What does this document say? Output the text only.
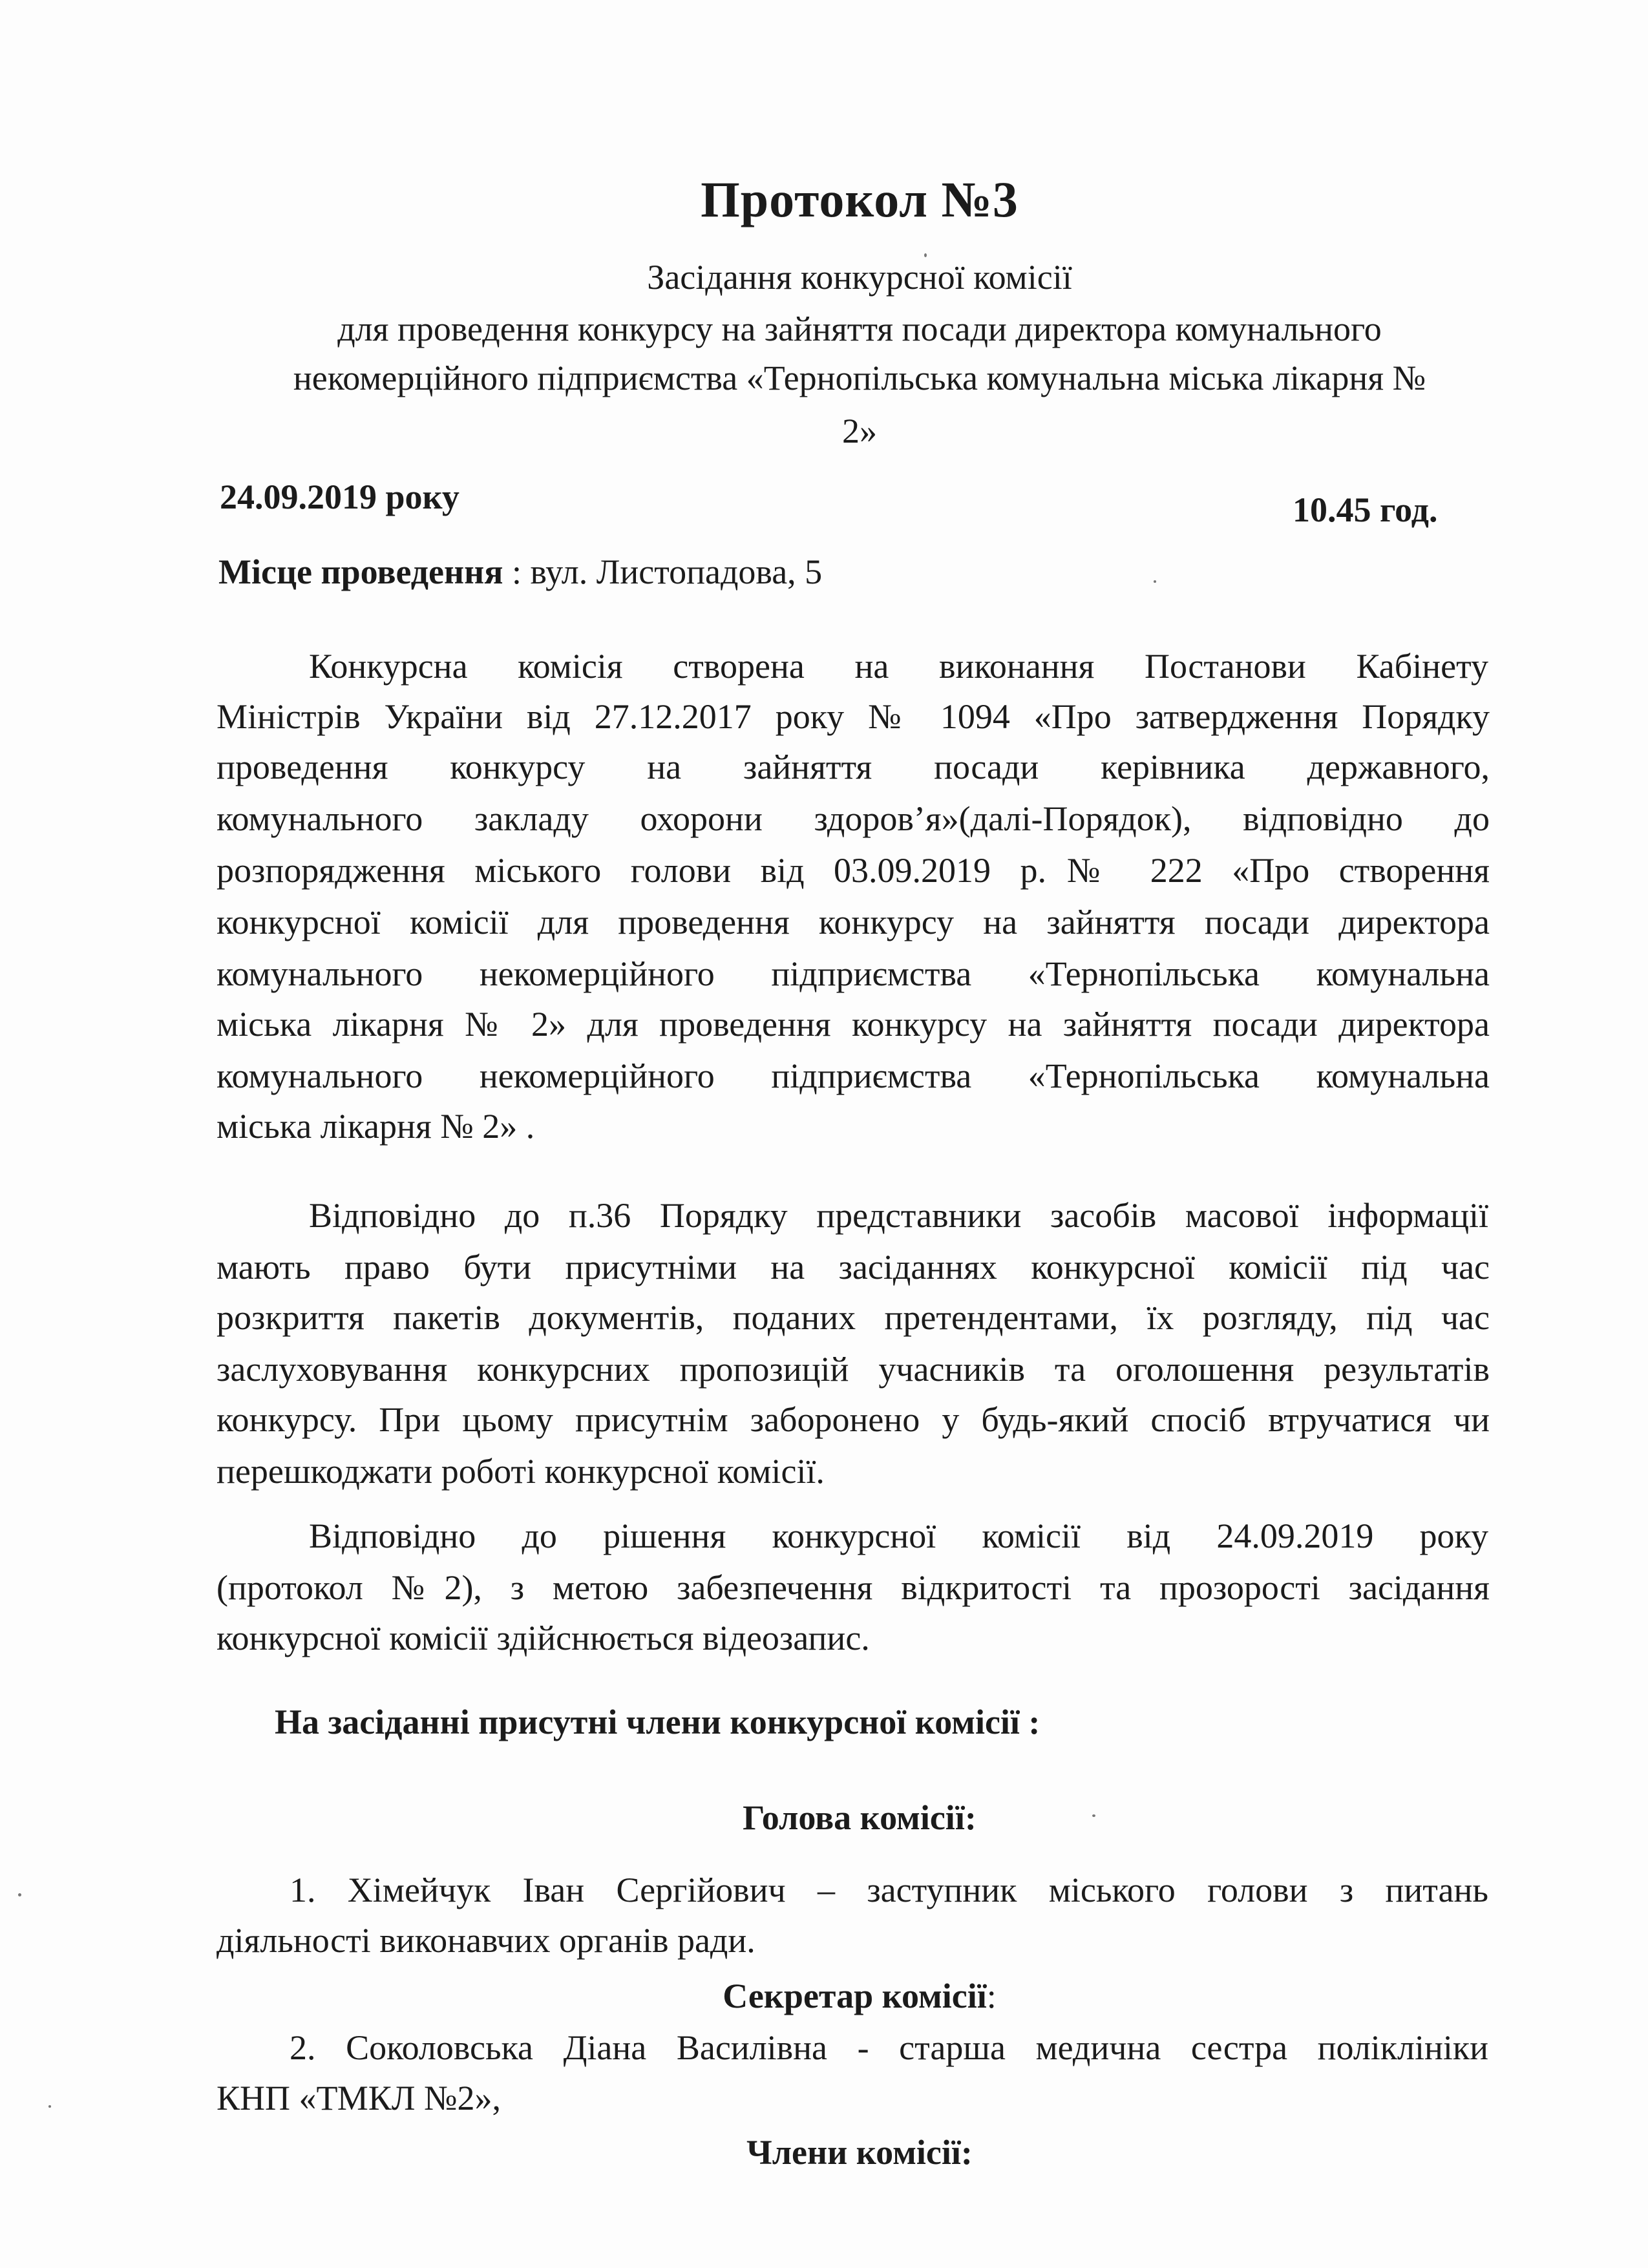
Протокол №3
Засідання конкурсної комісії
для проведення конкурсу на зайняття посади директора комунального
некомерційного підприємства «Тернопільська комунальна міська лікарня №
2»
24.09.2019 року	10.45 год.
Місце проведення : вул. Листопадова, 5
Конкурсна комісія створена на виконання Постанови Кабінету
Міністрів України від 27.12.2017 року № 1094 «Про затвердження Порядку
проведення конкурсу на зайняття посади керівника державного,
комунального закладу охорони здоров’я»(далі-Порядок), відповідно до
розпорядження міського голови від 03.09.2019 р.№ 222 «Про створення
конкурсної комісії для проведення конкурсу на зайняття посади директора
комунального некомерційного підприємства «Тернопільська комунальна
міська лікарня № 2» для проведення конкурсу на зайняття посади директора
комунального некомерційного підприємства «Тернопільська комунальна
міська лікарня № 2» .
Відповідно до п.36 Порядку представники засобів масової інформації
мають право бути присутніми на засіданнях конкурсної комісії під час
розкриття пакетів документів, поданих претендентами, їх розгляду, під час
заслуховування конкурсних пропозицій учасників та оголошення результатів
конкурсу. При цьому присутнім заборонено у будь-який спосіб втручатися чи
перешкоджати роботі конкурсної комісії.
Відповідно до рішення конкурсної комісії від 24.09.2019 року
(протокол №2), з метою забезпечення відкритості та прозорості засідання
конкурсної комісії здійснюється відеозапис.
На засіданні присутні члени конкурсної комісії :
Голова комісії:
1. Хімейчук Іван Сергійович – заступник міського голови з питань
діяльності виконавчих органів ради.
Секретар комісії:
2. Соколовська Діана Василівна - старша медична сестра поліклініки
КНП «ТМКЛ №2»,
Члени комісії:
